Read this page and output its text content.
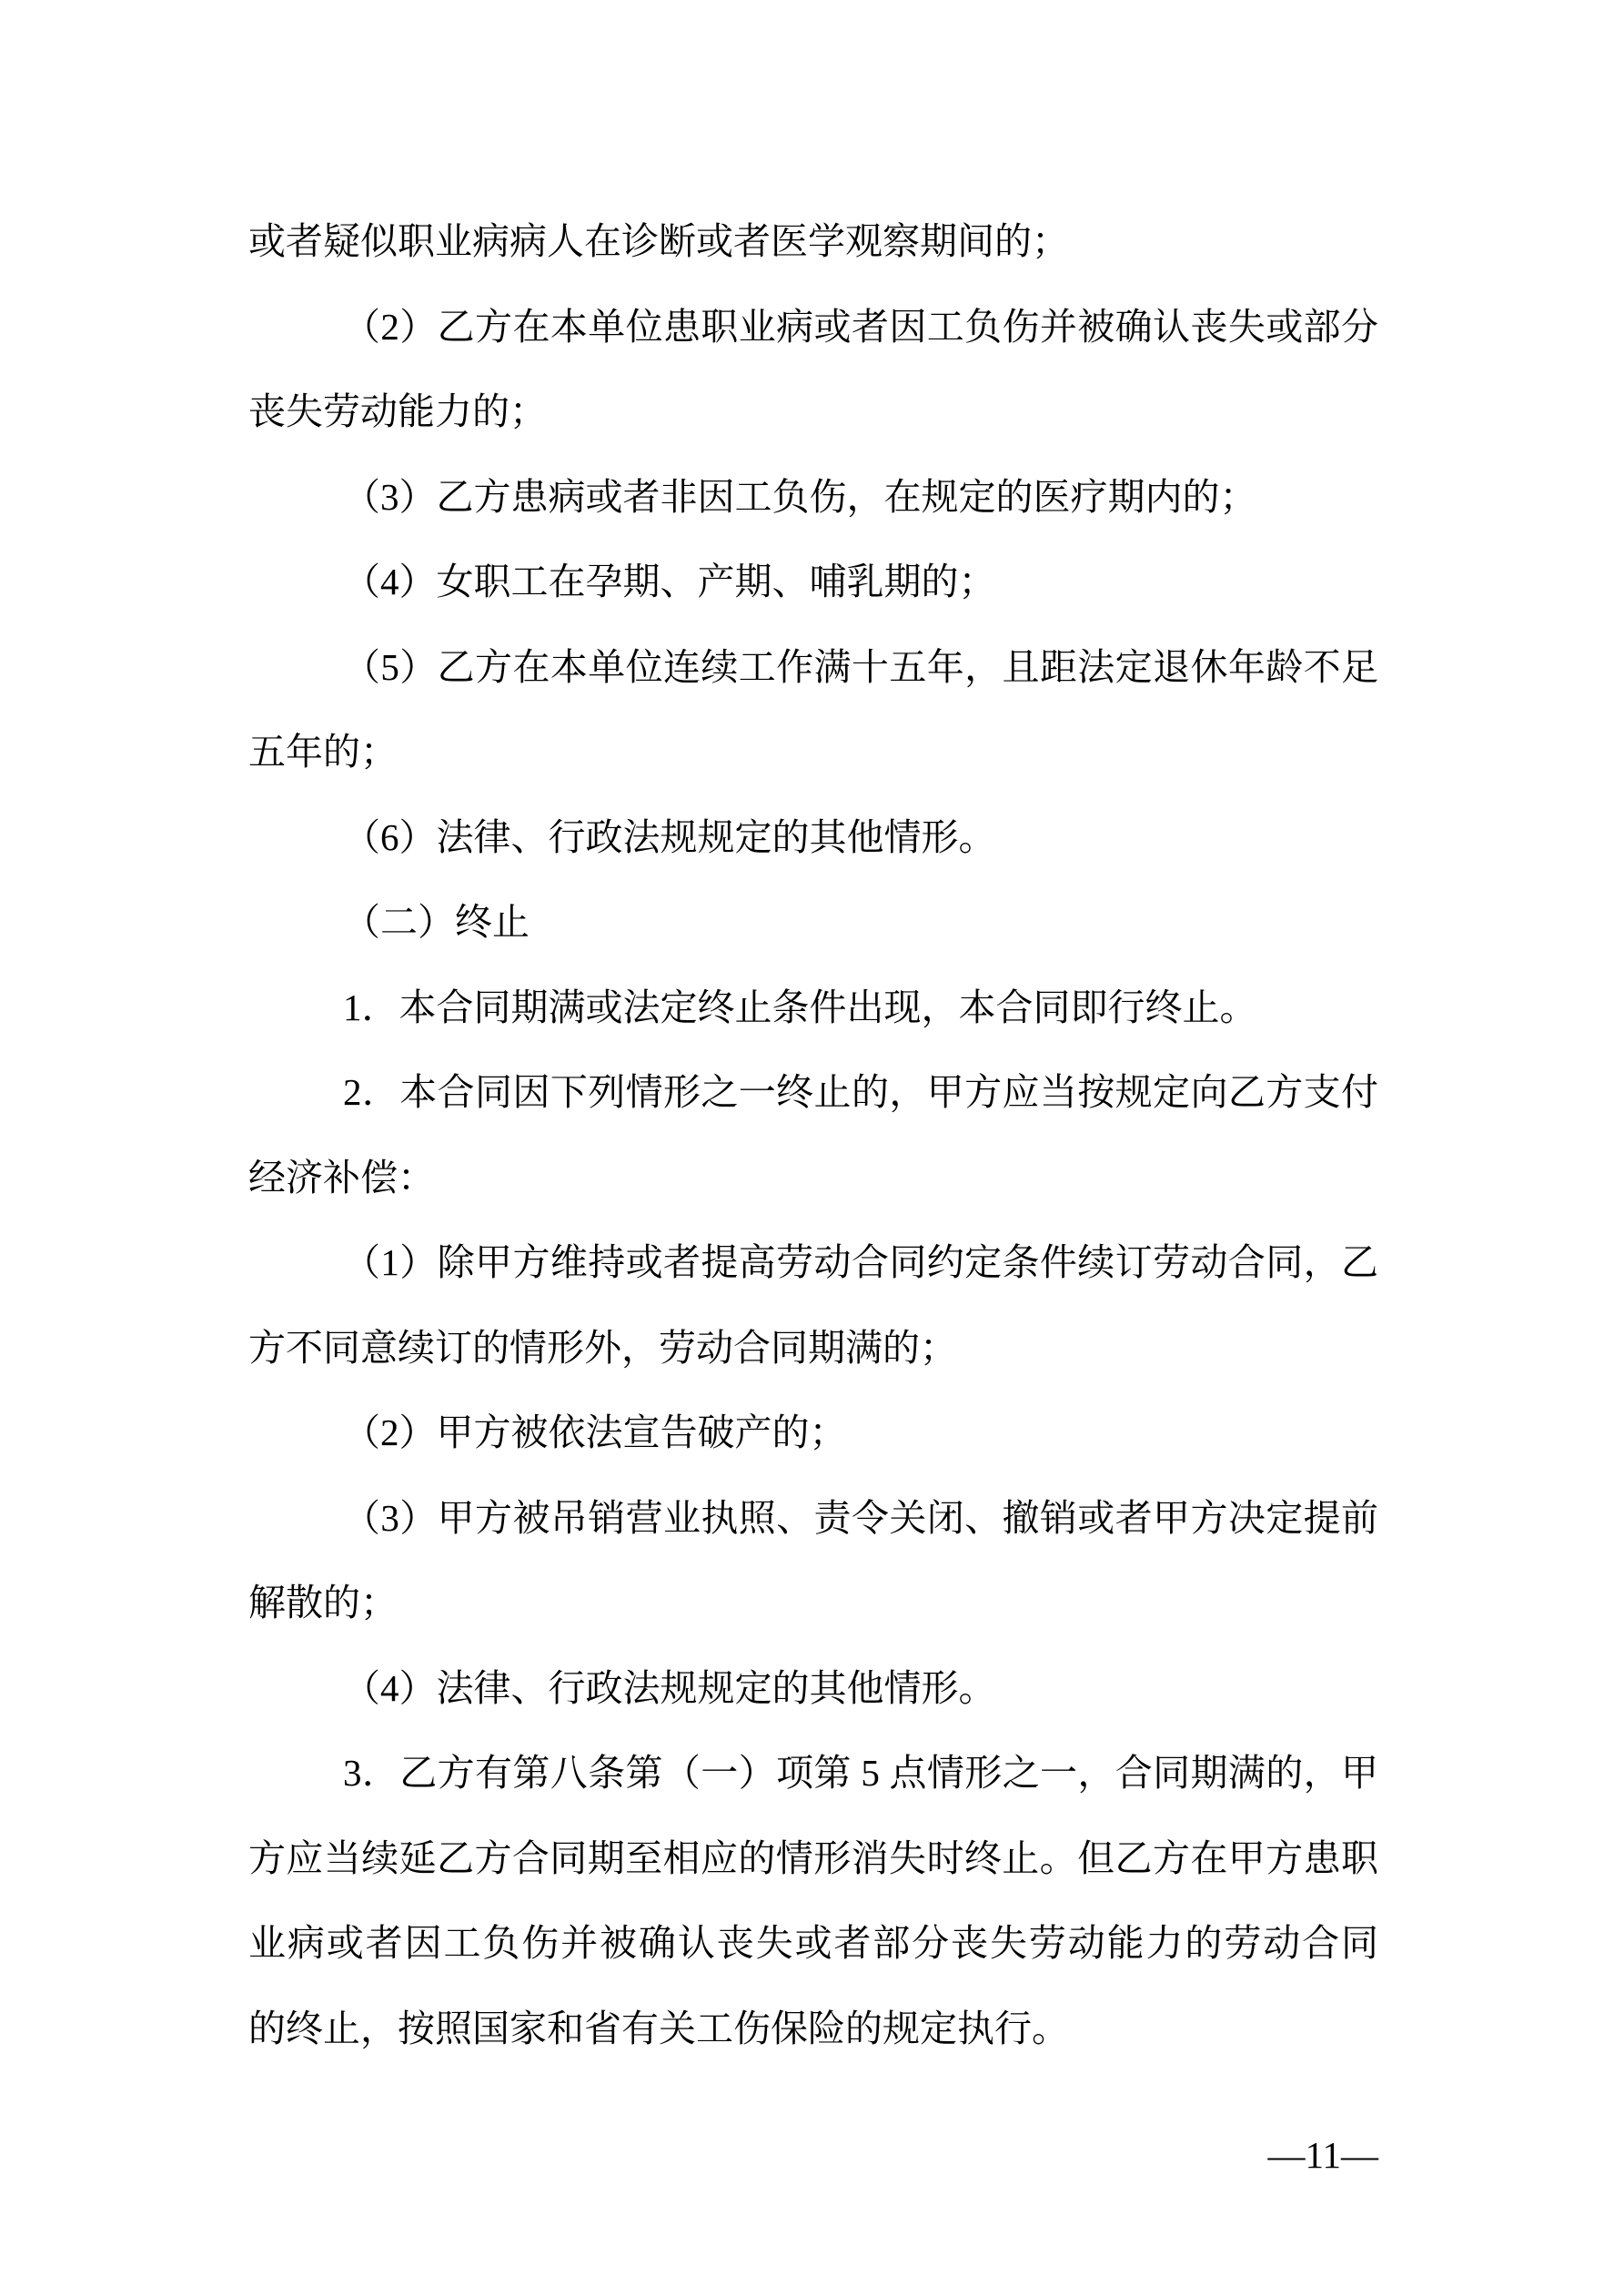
或者疑似职业病病人在诊断或者医学观察期间的；
（2）乙方在本单位患职业病或者因工负伤并被确认丧失或部分
丧失劳动能力的；
（3）乙方患病或者非因工负伤，在规定的医疗期内的；
（4）女职工在孕期、产期、哺乳期的；
（5）乙方在本单位连续工作满十五年，且距法定退休年龄不足
五年的；
（6）法律、行政法规规定的其他情形。
（二）终止
1．本合同期满或法定终止条件出现，本合同即行终止。
2．本合同因下列情形之一终止的，甲方应当按规定向乙方支付
经济补偿：
（1）除甲方维持或者提高劳动合同约定条件续订劳动合同，乙
方不同意续订的情形外，劳动合同期满的；
（2）甲方被依法宣告破产的；
（3）甲方被吊销营业执照、责令关闭、撤销或者甲方决定提前
解散的；
（4）法律、行政法规规定的其他情形。
3．乙方有第八条第（一）项第 5 点情形之一，合同期满的，甲
方应当续延乙方合同期至相应的情形消失时终止。但乙方在甲方患职
业病或者因工负伤并被确认丧失或者部分丧失劳动能力的劳动合同
的终止，按照国家和省有关工伤保险的规定执行。
—11—
